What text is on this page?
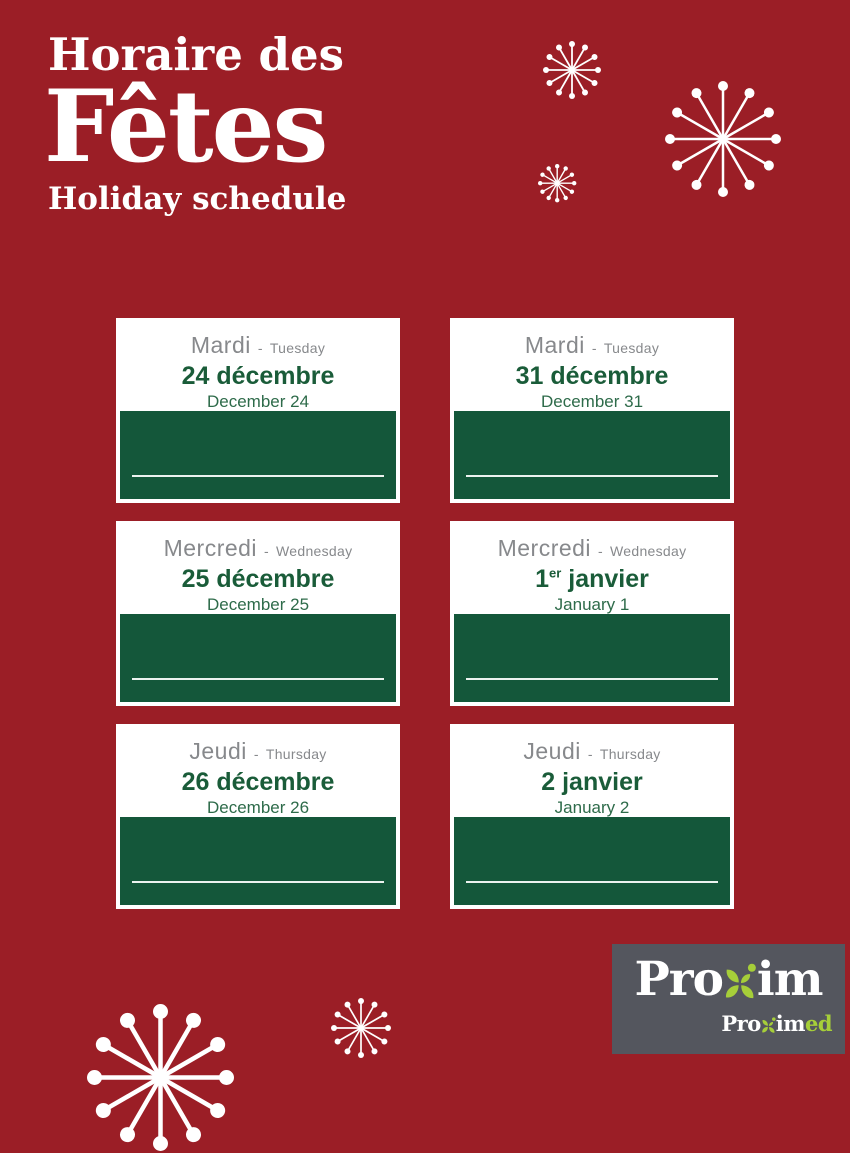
Horaire des
Fêtes
Holiday schedule
Mardi - Tuesday
24 décembre
December 24
Mardi - Tuesday
31 décembre
December 31
Mercredi - Wednesday
25 décembre
December 25
Mercredi - Wednesday
1er janvier
January 1
Jeudi - Thursday
26 décembre
December 26
Jeudi - Thursday
2 janvier
January 2
Pro im
Pro imed
